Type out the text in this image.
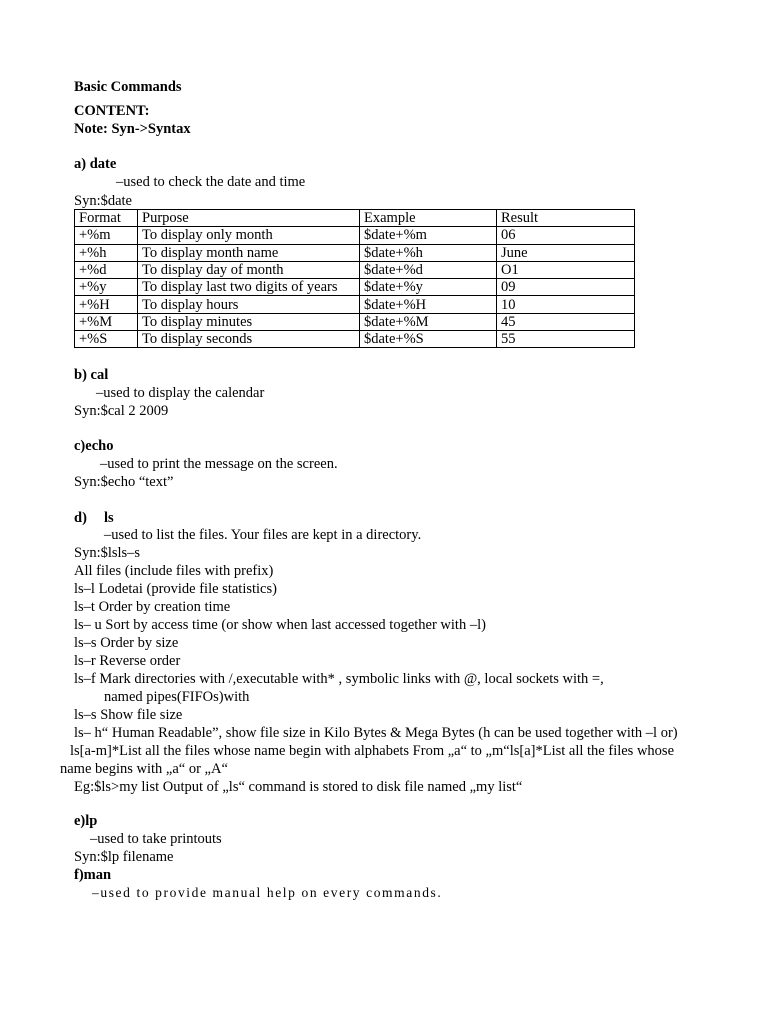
Basic Commands
CONTENT:
Note: Syn->Syntax
a) date
–used to check the date and time
Syn:$date
Format	Purpose	Example	Result
+%m	To display only month	$date+%m	06
+%h	To display month name	$date+%h	June
+%d	To display day of month	$date+%d	O1
+%y	To display last two digits of years	$date+%y	09
+%H	To display hours	$date+%H	10
+%M	To display minutes	$date+%M	45
+%S	To display seconds	$date+%S	55
b) cal
–used to display the calendar
Syn:$cal 2 2009
c)echo
–used to print the message on the screen.
Syn:$echo “text”
d) ls
–used to list the files. Your files are kept in a directory.
Syn:$lsls–s
All files (include files with prefix)
ls–l Lodetai (provide file statistics)
ls–t Order by creation time
ls– u Sort by access time (or show when last accessed together with –l)
ls–s Order by size
ls–r Reverse order
ls–f Mark directories with /,executable with* , symbolic links with @, local sockets with =,
named pipes(FIFOs)with
ls–s Show file size
ls– h“ Human Readable”, show file size in Kilo Bytes & Mega Bytes (h can be used together with –l or)
ls[a-m]*List all the files whose name begin with alphabets From „a“ to „m“ls[a]*List all the files whose
name begins with „a“ or „A“
Eg:$ls>my list Output of „ls“ command is stored to disk file named „my list“
e)lp
–used to take printouts
Syn:$lp filename
f)man
–used to provide manual help on every commands.
